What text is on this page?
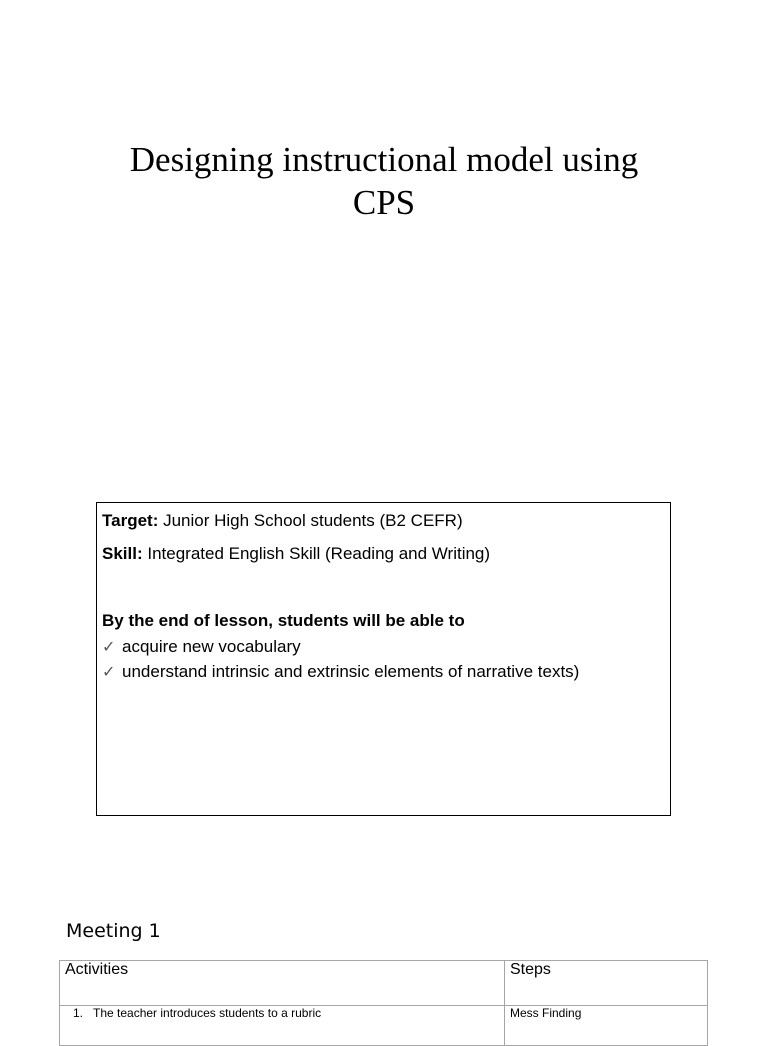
Designing instructional model using
CPS
Target: Junior High School students (B2 CEFR)
Skill: Integrated English Skill (Reading and Writing)
By the end of lesson, students will be able to
✓ acquire new vocabulary
✓ understand intrinsic and extrinsic elements of narrative texts)
Meeting 1
Activities	Steps
1. The teacher introduces students to a rubric	Mess Finding
